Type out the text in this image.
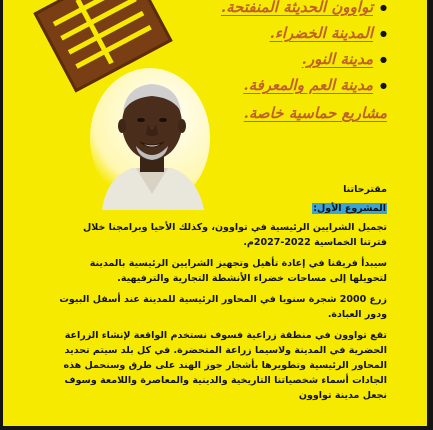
● تواوون الحديثة المنفتحة.
● المدينة الخضراء.
● مدينة النور.
● مدينة العم والمعرفة.
مشاريع حماسية خاصة.

مقترحاتنا

المشروع الأول:

تجميل الشرايين الرئيسية في تواوون، وكذلك الأحيا وبرامجنا خلال فترتنا الخماسية 2022-2027م.

سيبدأ فريقنا في إعادة تأهيل وتجهيز الشرايين الرئيسية بالمدينة لتحويلها إلى مساحات خضراء الأنشطة التجارية والترفيهية.

زرع 2000 شجرة سنويا في المحاور الرئيسية للمدينة عند أسفل البيوت ودور العبادة.

تقع تواوون في منطقة زراعية فسوف نستخدم الواقعة لإنشاء الزراعة الحضرية في المدينة ولاسيما زراعة المتحضرة. في كل بلد سيتم تحديد المحاور الرئيسية وتطويرها بأشجار جوز الهند على طرق وسنحمل هذه الجادات أسماء شخصياتنا التاريخية والدينية والمعاصرة واللامعة وسوف نجعل مدينة تواوون
